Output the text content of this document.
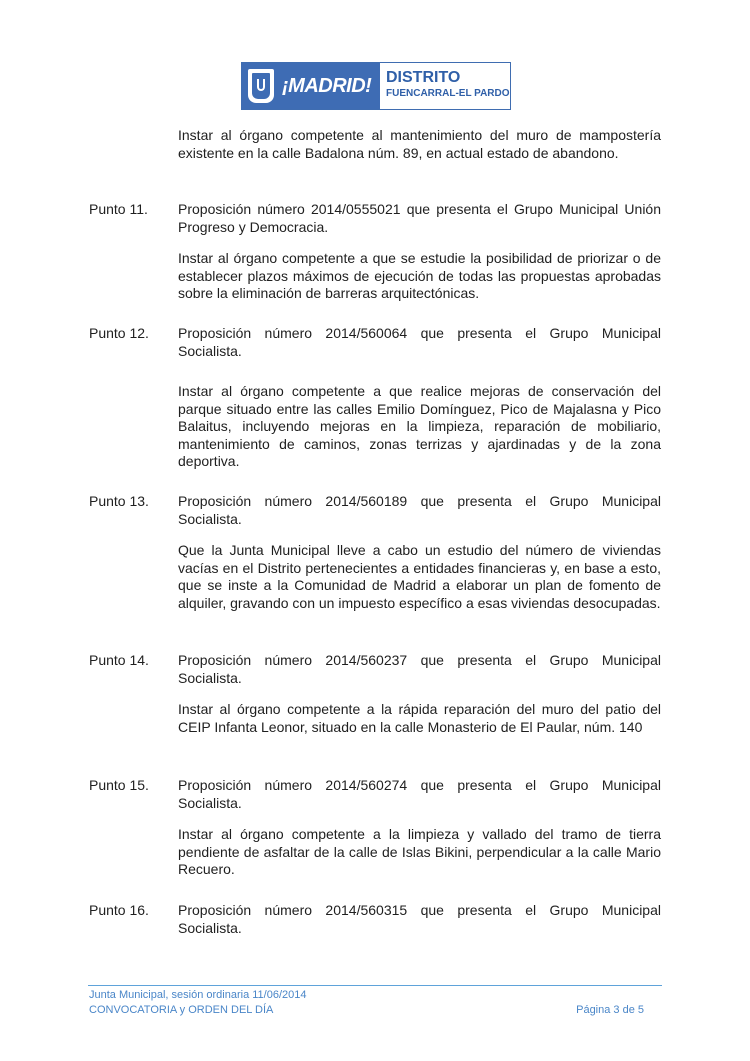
¡MADRID! DISTRITO
FUENCARRAL-EL PARDO
Instar al órgano competente al mantenimiento del muro de mampostería existente en la calle Badalona núm. 89, en actual estado de abandono.
Punto 11. Proposición número 2014/0555021 que presenta el Grupo Municipal Unión Progreso y Democracia.
Instar al órgano competente a que se estudie la posibilidad de priorizar o de establecer plazos máximos de ejecución de todas las propuestas aprobadas sobre la eliminación de barreras arquitectónicas.
Punto 12. Proposición número 2014/560064 que presenta el Grupo Municipal Socialista.
Instar al órgano competente a que realice mejoras de conservación del parque situado entre las calles Emilio Domínguez, Pico de Majalasna y Pico Balaitus, incluyendo mejoras en la limpieza, reparación de mobiliario, mantenimiento de caminos, zonas terrizas y ajardinadas y de la zona deportiva.
Punto 13. Proposición número 2014/560189 que presenta el Grupo Municipal Socialista.
Que la Junta Municipal lleve a cabo un estudio del número de viviendas vacías en el Distrito pertenecientes a entidades financieras y, en base a esto, que se inste a la Comunidad de Madrid a elaborar un plan de fomento de alquiler, gravando con un impuesto específico a esas viviendas desocupadas.
Punto 14. Proposición número 2014/560237 que presenta el Grupo Municipal Socialista.
Instar al órgano competente a la rápida reparación del muro del patio del CEIP Infanta Leonor, situado en la calle Monasterio de El Paular, núm. 140
Punto 15. Proposición número 2014/560274 que presenta el Grupo Municipal Socialista.
Instar al órgano competente a la limpieza y vallado del tramo de tierra pendiente de asfaltar de la calle de Islas Bikini, perpendicular a la calle Mario Recuero.
Punto 16. Proposición número 2014/560315 que presenta el Grupo Municipal Socialista.
Junta Municipal, sesión ordinaria 11/06/2014
CONVOCATORIA y ORDEN DEL DÍA	Página 3 de 5
